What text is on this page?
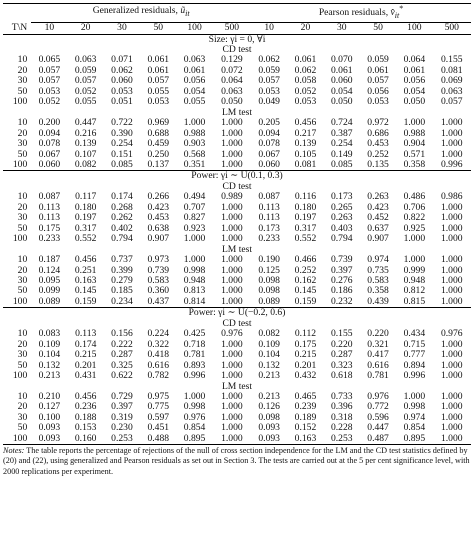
	Generalized residuals, $ũ_{it}$						Pearson residuals, $v̂_{it}^*$
T\N	10	20	30	50	100	500	10	20	30	50	100	500
Size: γi = 0, ∀i												
CD test												
10	0.065	0.063	0.071	0.061	0.063	0.129	0.062	0.061	0.070	0.059	0.064	0.155
20	0.057	0.059	0.062	0.061	0.061	0.072	0.059	0.062	0.061	0.061	0.061	0.081
30	0.057	0.057	0.060	0.057	0.056	0.064	0.057	0.058	0.060	0.057	0.056	0.069
50	0.053	0.052	0.053	0.055	0.054	0.063	0.053	0.052	0.054	0.056	0.054	0.063
100	0.052	0.055	0.051	0.053	0.055	0.050	0.049	0.053	0.050	0.053	0.050	0.057
LM test												
10	0.200	0.447	0.722	0.969	1.000	1.000	0.205	0.456	0.724	0.972	1.000	1.000
20	0.094	0.216	0.390	0.688	0.988	1.000	0.094	0.217	0.387	0.686	0.988	1.000
30	0.078	0.139	0.254	0.459	0.903	1.000	0.078	0.139	0.254	0.453	0.904	1.000
50	0.067	0.107	0.151	0.250	0.568	1.000	0.067	0.105	0.149	0.252	0.571	1.000
100	0.060	0.082	0.085	0.137	0.351	1.000	0.060	0.081	0.085	0.135	0.358	0.996
Power: γi ∼ U(0.1, 0.3)												
CD test												
10	0.087	0.117	0.174	0.266	0.494	0.989	0.087	0.116	0.173	0.263	0.486	0.986
20	0.113	0.180	0.268	0.423	0.707	1.000	0.113	0.180	0.265	0.423	0.706	1.000
30	0.113	0.197	0.262	0.453	0.827	1.000	0.113	0.197	0.263	0.452	0.822	1.000
50	0.175	0.317	0.402	0.638	0.923	1.000	0.173	0.317	0.403	0.637	0.925	1.000
100	0.233	0.552	0.794	0.907	1.000	1.000	0.233	0.552	0.794	0.907	1.000	1.000
LM test												
10	0.187	0.456	0.737	0.973	1.000	1.000	0.190	0.466	0.739	0.974	1.000	1.000
20	0.124	0.251	0.399	0.739	0.998	1.000	0.125	0.252	0.397	0.735	0.999	1.000
30	0.095	0.163	0.279	0.583	0.948	1.000	0.098	0.162	0.276	0.583	0.948	1.000
50	0.099	0.145	0.185	0.360	0.813	1.000	0.098	0.145	0.186	0.358	0.812	1.000
100	0.089	0.159	0.234	0.437	0.814	1.000	0.089	0.159	0.232	0.439	0.815	1.000
Power: γi ∼ U(−0.2, 0.6)												
CD test												
10	0.083	0.113	0.156	0.224	0.425	0.976	0.082	0.112	0.155	0.220	0.434	0.976
20	0.109	0.174	0.222	0.322	0.718	1.000	0.109	0.175	0.220	0.321	0.715	1.000
30	0.104	0.215	0.287	0.418	0.781	1.000	0.104	0.215	0.287	0.417	0.777	1.000
50	0.132	0.201	0.325	0.616	0.893	1.000	0.132	0.201	0.323	0.616	0.894	1.000
100	0.213	0.431	0.622	0.782	0.996	1.000	0.213	0.432	0.618	0.781	0.996	1.000
LM test												
10	0.210	0.456	0.729	0.975	1.000	1.000	0.213	0.465	0.733	0.976	1.000	1.000
20	0.127	0.236	0.397	0.775	0.998	1.000	0.126	0.239	0.396	0.772	0.998	1.000
30	0.100	0.188	0.319	0.597	0.976	1.000	0.098	0.189	0.318	0.596	0.974	1.000
50	0.093	0.153	0.230	0.451	0.854	1.000	0.093	0.152	0.228	0.447	0.854	1.000
100	0.093	0.160	0.253	0.488	0.895	1.000	0.093	0.163	0.253	0.487	0.895	1.000
Notes: The table reports the percentage of rejections of the null of cross section independence for the LM and the CD test statistics defined by (20) and (22), using generalized and Pearson residuals as set out in Section 3. The tests are carried out at the 5 per cent significance level, with 2000 replications per experiment.
